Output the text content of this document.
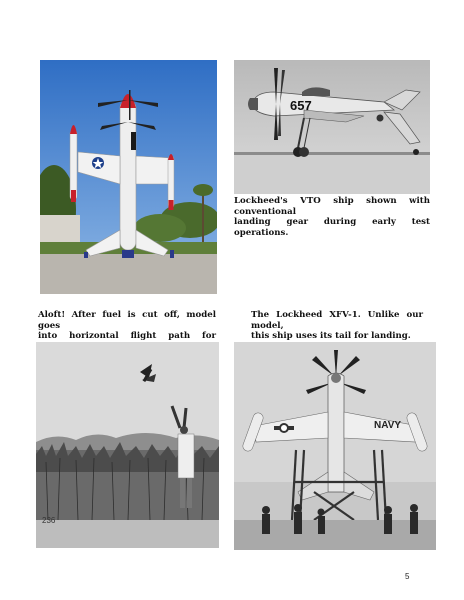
657
Lockheed's VTO ship shown with conventional
landing gear during early test operations.
Aloft! After fuel is cut off, model goes
into horizontal flight path for
The Lockheed XFV-1. Unlike our model,
this ship uses its tail for landing.
236
NAVY
5
